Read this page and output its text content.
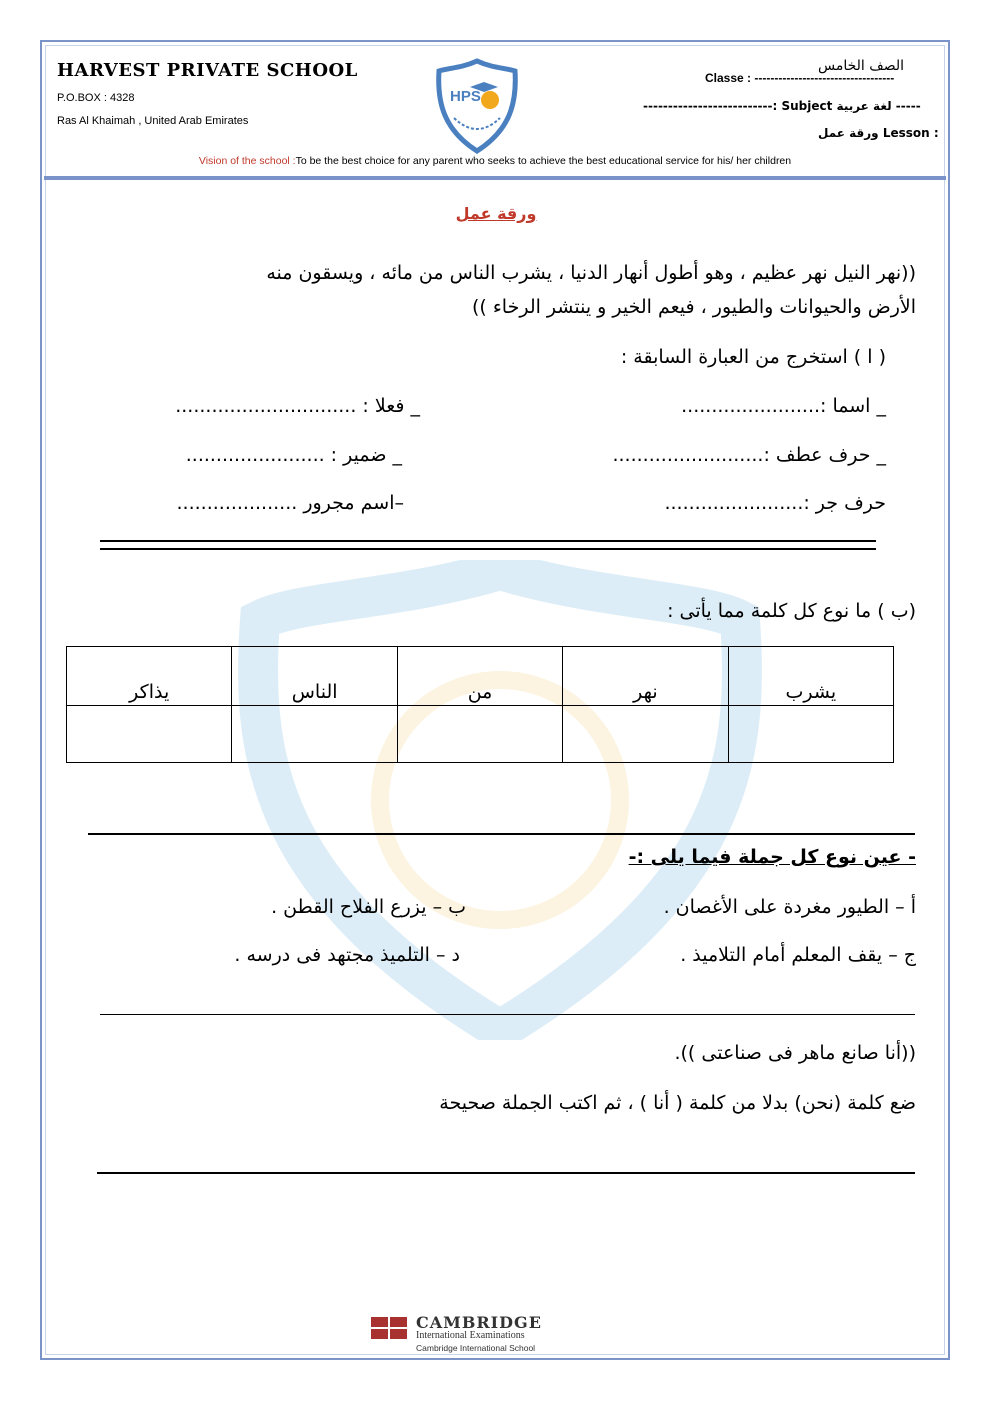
HARVEST PRIVATE SCHOOL
P.O.BOX : 4328
Ras Al Khaimah , United Arab Emirates
HPS
Classe : -----------------------------------
الصف الخامس
----- لغة عربية Subject :--------------------------
ورقة عمل Lesson :
Vision of the school :To be the best choice for any parent who seeks to achieve the best educational service for his/ her children
ورقة عمل
((نهر النيل نهر عظيم ، وهو أطول أنهار الدنيا ، يشرب الناس من مائه ، ويسقون منه
الأرض والحيوانات والطيور ، فيعم الخير و ينتشر الرخاء ))
( ا ) استخرج من العبارة السابقة :
_ اسما :.......................
_ فعلا : ..............................
_ حرف عطف :.........................
_ ضمير : .......................
حرف جر :.......................
–اسم مجرور ....................
(ب ) ما نوع كل كلمة مما يأتى :
يشرب	نهر	من	الناس	يذاكر

- عين نوع كل جملة فيما يلى :-
أ – الطيور مغردة على الأغصان .
ب – يزرع الفلاح القطن .
ج – يقف المعلم أمام التلاميذ .
د – التلميذ مجتهد فى درسه .
((أنا صانع ماهر فى صناعتى )).
ضع كلمة (نحن) بدلا من كلمة ( أنا ) ، ثم اكتب الجملة صحيحة
CAMBRIDGE
International Examinations
Cambridge International School
